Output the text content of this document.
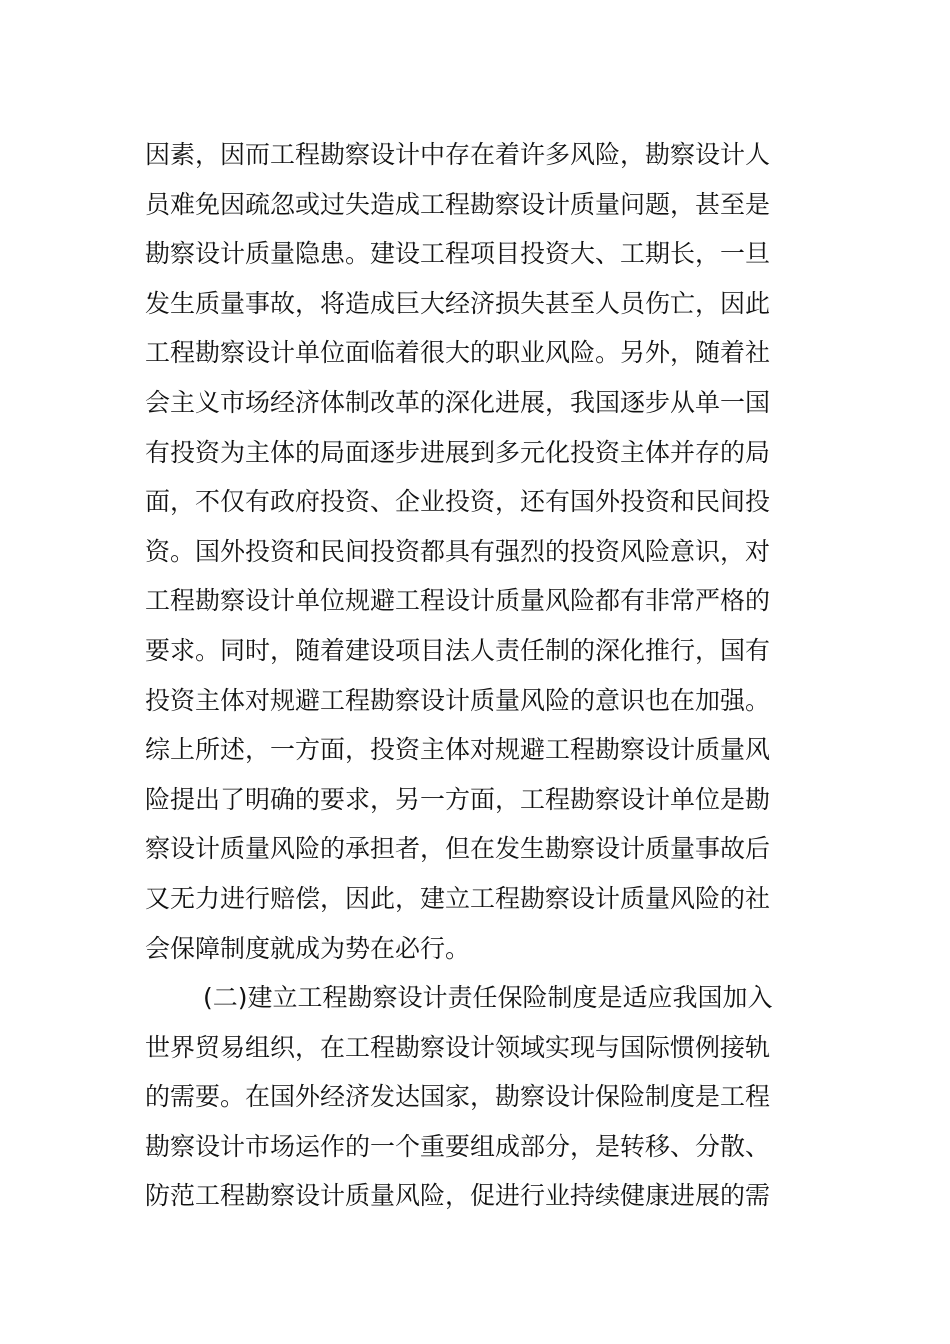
因素，因而工程勘察设计中存在着许多风险，勘察设计人
员难免因疏忽或过失造成工程勘察设计质量问题，甚至是
勘察设计质量隐患。建设工程项目投资大、工期长，一旦
发生质量事故，将造成巨大经济损失甚至人员伤亡，因此
工程勘察设计单位面临着很大的职业风险。另外，随着社
会主义市场经济体制改革的深化进展，我国逐步从单一国
有投资为主体的局面逐步进展到多元化投资主体并存的局
面，不仅有政府投资、企业投资，还有国外投资和民间投
资。国外投资和民间投资都具有强烈的投资风险意识，对
工程勘察设计单位规避工程设计质量风险都有非常严格的
要求。同时，随着建设项目法人责任制的深化推行，国有
投资主体对规避工程勘察设计质量风险的意识也在加强。
综上所述，一方面，投资主体对规避工程勘察设计质量风
险提出了明确的要求，另一方面，工程勘察设计单位是勘
察设计质量风险的承担者，但在发生勘察设计质量事故后
又无力进行赔偿，因此，建立工程勘察设计质量风险的社
会保障制度就成为势在必行。
(二)建立工程勘察设计责任保险制度是适应我国加入
世界贸易组织，在工程勘察设计领域实现与国际惯例接轨
的需要。在国外经济发达国家，勘察设计保险制度是工程
勘察设计市场运作的一个重要组成部分，是转移、分散、
防范工程勘察设计质量风险，促进行业持续健康进展的需
